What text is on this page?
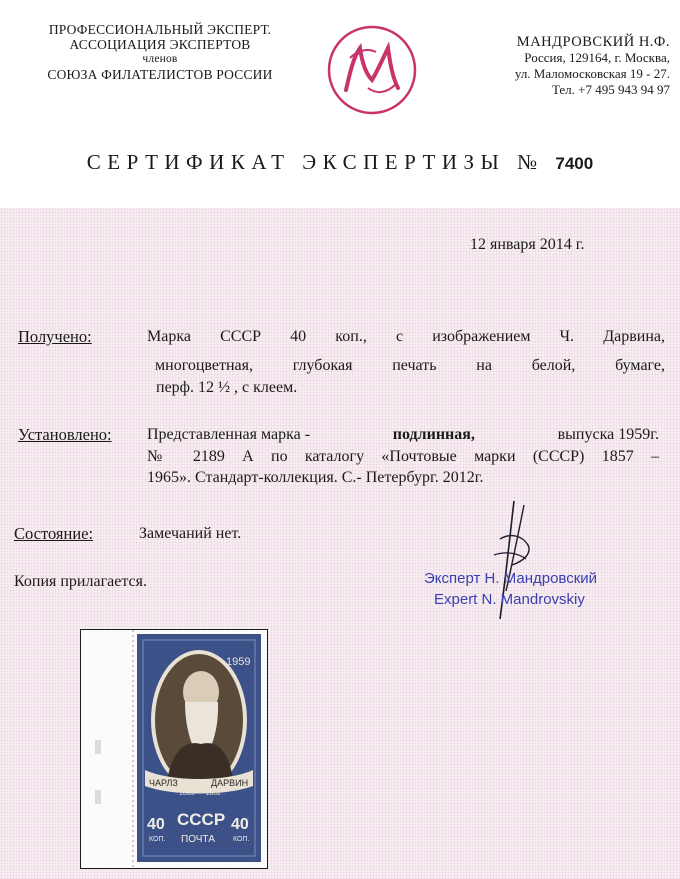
ПРОФЕССИОНАЛЬНЫЙ ЭКСПЕРТ.
АССОЦИАЦИЯ ЭКСПЕРТОВ
членов
СОЮЗА ФИЛАТЕЛИСТОВ РОССИИ
МАНДРОВСКИЙ Н.Ф.
Россия, 129164, г. Москва,
ул. Маломосковская 19 - 27.
Тел. +7 495 943 94 97
СЕРТИФИКАТ ЭКСПЕРТИЗЫ № 7400
12 января 2014 г.
Получено:	Марка СССР 40 коп., с изображением Ч. Дарвина,
многоцветная, глубокая печать на белой, бумаге,
перф. 12 ½ , с клеем.
Установлено: Представленная марка -	подлинная,	выпуска 1959г.
№ 2189 А по каталогу «Почтовые марки (СССР) 1857 –
1965». Стандарт-коллекция. С.- Петербург. 2012г.
Состояние:	Замечаний нет.
Копия прилагается.	Эксперт Н. Мандровский
Expert N. Mandrovskiy
1959
ЧАРЛЗ	ДАРВИН
1809 — 1882
СССР
40	40
КОП.	КОП.
ПОЧТА
